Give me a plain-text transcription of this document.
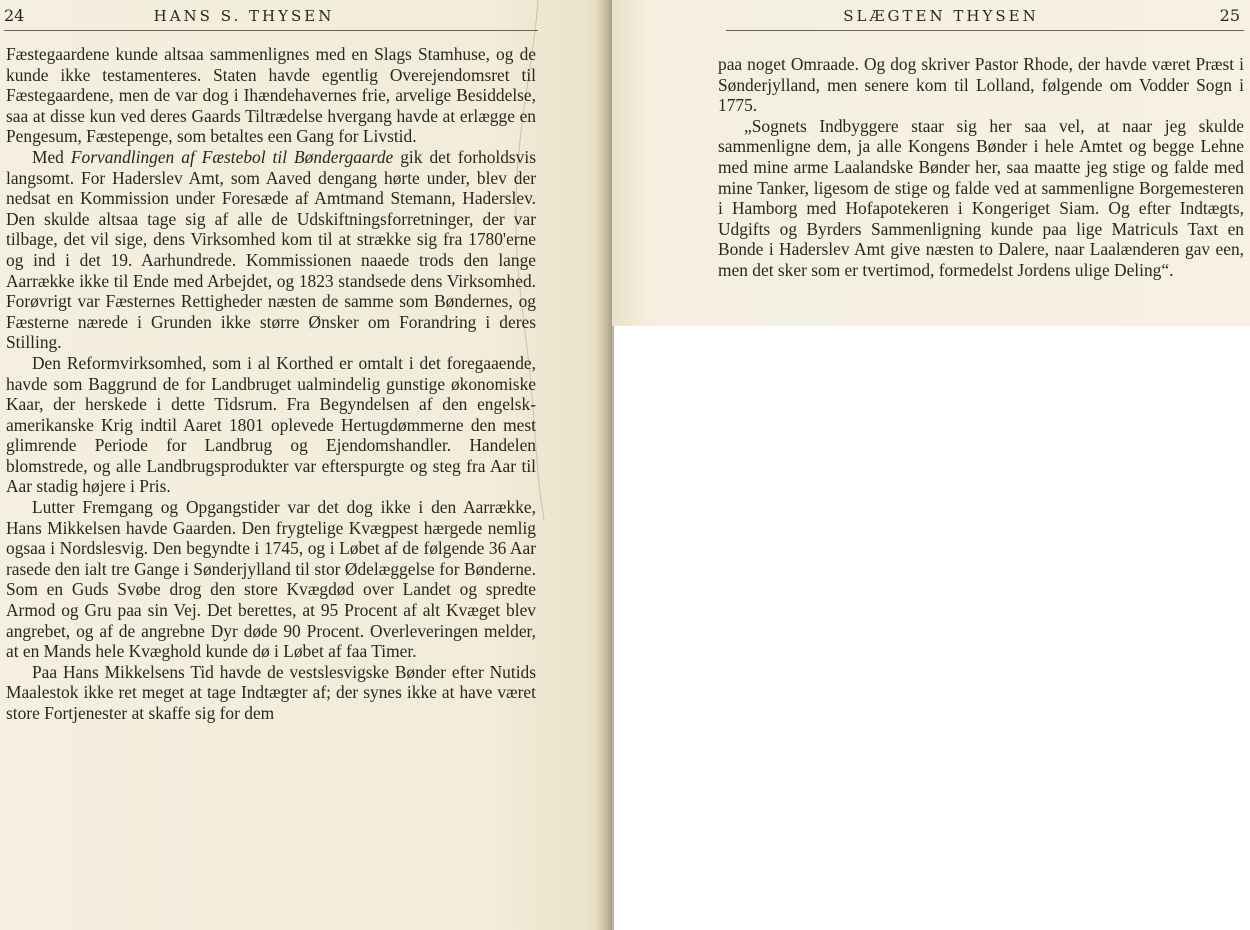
24	HANS S. THYSEN	SLÆGTEN THYSEN	25

Fæstegaardene kunde altsaa sammenlignes med en Slags Stamhuse, og de kunde ikke testamenteres. Staten havde egentlig Overejendomsret til Fæstegaardene, men de var dog i Ihændehavernes frie, arvelige Besiddelse, saa at disse kun ved deres Gaards Tiltrædelse hvergang havde at erlægge en Pengesum, Fæstepenge, som betaltes een Gang for Livstid.

Med Forvandlingen af Fæstebol til Bøndergaarde gik det forholdsvis langsomt. For Haderslev Amt, som Aaved dengang hørte under, blev der nedsat en Kommission under Foresæde af Amtmand Stemann, Haderslev. Den skulde altsaa tage sig af alle de Udskiftningsforretninger, der var tilbage, det vil sige, dens Virksomhed kom til at strække sig fra 1780'erne og ind i det 19. Aarhundrede. Kommissionen naaede trods den lange Aarrække ikke til Ende med Arbejdet, og 1823 standsede dens Virksomhed. Forøvrigt var Fæsternes Rettigheder næsten de samme som Bøndernes, og Fæsterne nærede i Grunden ikke større Ønsker om Forandring i deres Stilling.

Den Reformvirksomhed, som i al Korthed er omtalt i det foregaaende, havde som Baggrund de for Landbruget ualmindelig gunstige økonomiske Kaar, der herskede i dette Tidsrum. Fra Begyndelsen af den engelsk-amerikanske Krig indtil Aaret 1801 oplevede Hertugdømmerne den mest glimrende Periode for Landbrug og Ejendomshandler. Handelen blomstrede, og alle Landbrugsprodukter var efterspurgte og steg fra Aar til Aar stadig højere i Pris.

Lutter Fremgang og Opgangstider var det dog ikke i den Aarrække, Hans Mikkelsen havde Gaarden. Den frygtelige Kvægpest hærgede nemlig ogsaa i Nordslesvig. Den begyndte i 1745, og i Løbet af de følgende 36 Aar rasede den ialt tre Gange i Sønderjylland til stor Ødelæggelse for Bønderne. Som en Guds Svøbe drog den store Kvægdød over Landet og spredte Armod og Gru paa sin Vej. Det berettes, at 95 Procent af alt Kvæget blev angrebet, og af de angrebne Dyr døde 90 Procent. Overleveringen melder, at en Mands hele Kvæghold kunde dø i Løbet af faa Timer.

Paa Hans Mikkelsens Tid havde de vestslesvigske Bønder efter Nutids Maalestok ikke ret meget at tage Indtægter af; der synes ikke at have været store Fortjenester at skaffe sig for dem

paa noget Omraade. Og dog skriver Pastor Rhode, der havde været Præst i Sønderjylland, men senere kom til Lolland, følgende om Vodder Sogn i 1775.

„Sognets Indbyggere staar sig her saa vel, at naar jeg skulde sammenligne dem, ja alle Kongens Bønder i hele Amtet og begge Lehne med mine arme Laalandske Bønder her, saa maatte jeg stige og falde med mine Tanker, ligesom de stige og falde ved at sammenligne Borgemesteren i Hamborg med Hofapotekeren i Kongeriget Siam. Og efter Indtægts, Udgifts og Byrders Sammenligning kunde paa lige Matriculs Taxt en Bonde i Haderslev Amt give næsten to Dalere, naar Laalænderen gav een, men det sker som er tvertimod, formedelst Jordens ulige Deling“.
